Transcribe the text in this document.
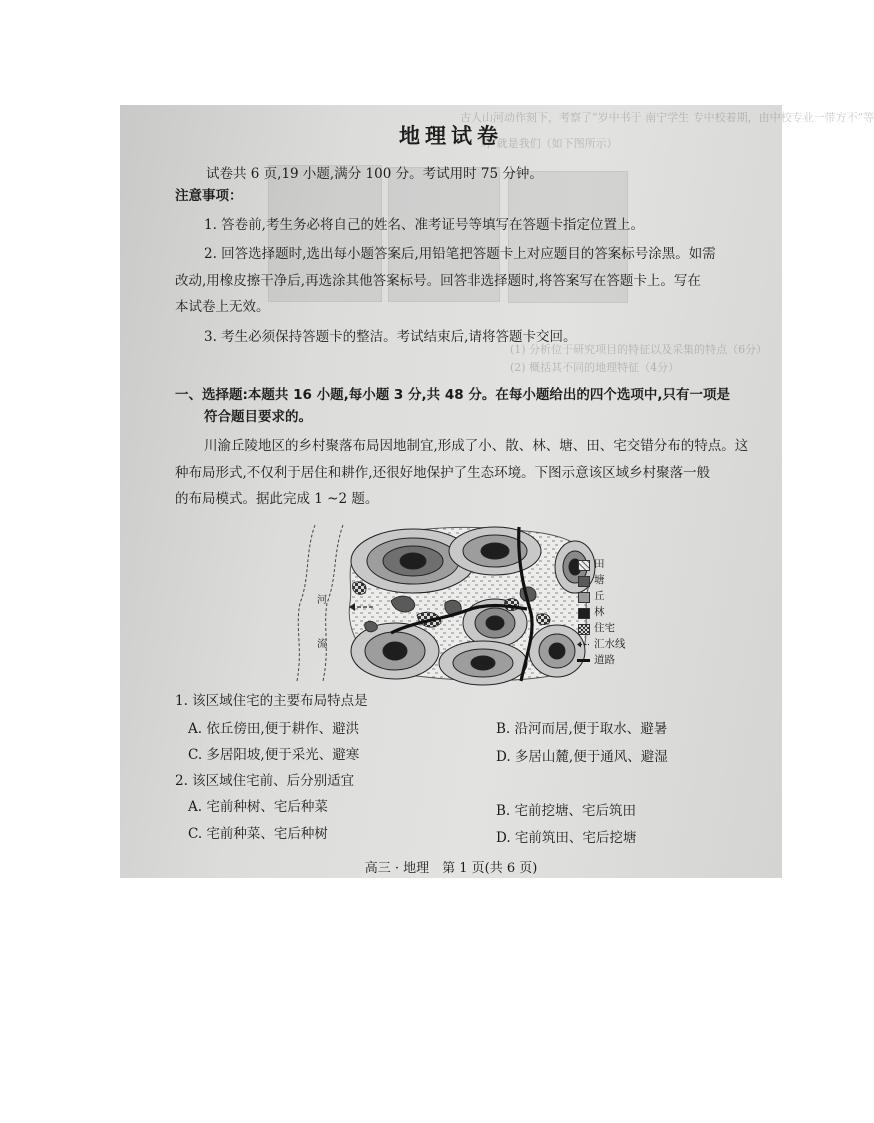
古人山河动作刻下，考察了“岁中书于 南宁学生 专中校着期，由中校专业一带方不”等
对”就是我们（如下图所示）
(1) 分析位于研究项目的特征以及采集的特点（6分）
(2) 概括其不同的地理特征（4分）
地理试卷

试卷共 6 页,19 小题,满分 100 分。考试用时 75 分钟。

注意事项：

1. 答卷前,考生务必将自己的姓名、准考证号等填写在答题卡指定位置上。

2. 回答选择题时,选出每小题答案后,用铅笔把答题卡上对应题目的答案标号涂黑。如需

改动,用橡皮擦干净后,再选涂其他答案标号。回答非选择题时,将答案写在答题卡上。写在

本试卷上无效。

3. 考生必须保持答题卡的整洁。考试结束后,请将答题卡交回。

一、选择题:本题共 16 小题,每小题 3 分,共 48 分。在每小题给出的四个选项中,只有一项是

符合题目要求的。

川渝丘陵地区的乡村聚落布局因地制宜,形成了小、散、林、塘、田、宅交错分布的特点。这

种布局形式,不仅利于居住和耕作,还很好地保护了生态环境。下图示意该区域乡村聚落一般

的布局模式。据此完成 1 ~2 题。

河
流
田
塘
丘
林
住宅
汇水线
道路

1. 该区域住宅的主要布局特点是

A. 依丘傍田,便于耕作、避洪	B. 沿河而居,便于取水、避暑

C. 多居阳坡,便于采光、避寒	D. 多居山麓,便于通风、避湿

2. 该区域住宅前、后分别适宜

A. 宅前种树、宅后种菜	B. 宅前挖塘、宅后筑田

C. 宅前种菜、宅后种树	D. 宅前筑田、宅后挖塘

高三 · 地理　第 1 页(共 6 页)
